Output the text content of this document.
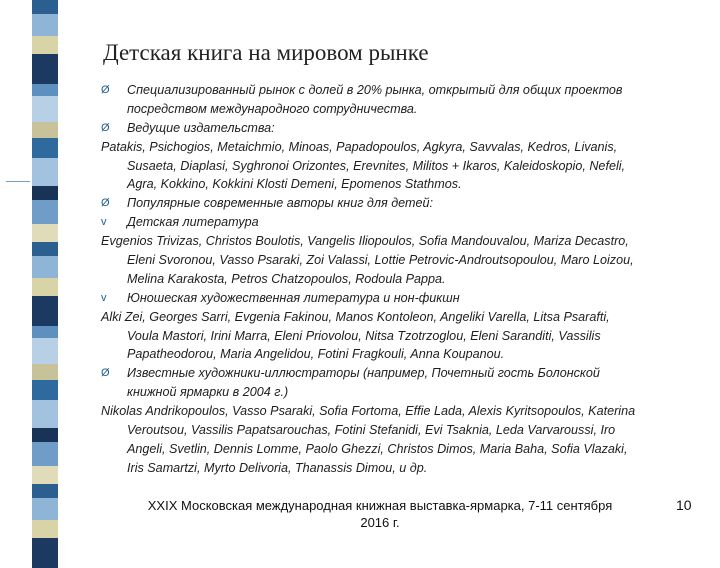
Детская книга на мировом рынке
Ø Специализированный рынок с долей в 20% рынка, открытый для общих проектов
посредством международного сотрудничества.
Ø Ведущие издательства:
Patakis, Psichogios, Metaichmio, Minoas, Papadopoulos, Agkyra, Savvalas, Kedros, Livanis,
Susaeta, Diaplasi, Syghronoi Orizontes, Erevnites, Militos + Ikaros, Kaleidoskopio, Nefeli,
Agra, Kokkino, Kokkini Klosti Demeni, Epomenos Stathmos.
Ø Популярные современные авторы книг для детей:
v Детская литература
Evgenios Trivizas, Christos Boulotis, Vangelis Iliopoulos, Sofia Mandouvalou, Mariza Decastro,
Eleni Svoronou, Vasso Psaraki, Zoi Valassi, Lottie Petrovic-Androutsopoulou, Maro Loizou,
Melina Karakosta, Petros Chatzopoulos, Rodoula Pappa.
v Юношеская художественная литература и нон-фикшн
Alki Zei, Georges Sarri, Evgenia Fakinou, Manos Kontoleon, Angeliki Varella, Litsa Psarafti,
Voula Mastori, Irini Marra, Eleni Priovolou, Nitsa Tzotrzoglou, Eleni Saranditi, Vassilis
Papatheodorou, Maria Angelidou, Fotini Fragkouli, Anna Koupanou.
Ø Известные художники-иллюстраторы (например, Почетный гость Болонской
книжной ярмарки в 2004 г.)
Nikolas Andrikopoulos, Vasso Psaraki, Sofia Fortoma, Effie Lada, Alexis Kyritsopoulos, Katerina
Veroutsou, Vassilis Papatsarouchas, Fotini Stefanidi, Evi Tsaknia, Leda Varvaroussi, Iro
Angeli, Svetlin, Dennis Lomme, Paolo Ghezzi, Christos Dimos, Maria Baha, Sofia Vlazaki,
Iris Samartzi, Myrto Delivoria, Thanassis Dimou, и др.
XXIX Московская международная книжная выставка-ярмарка, 7-11 сентября
2016 г.
10
